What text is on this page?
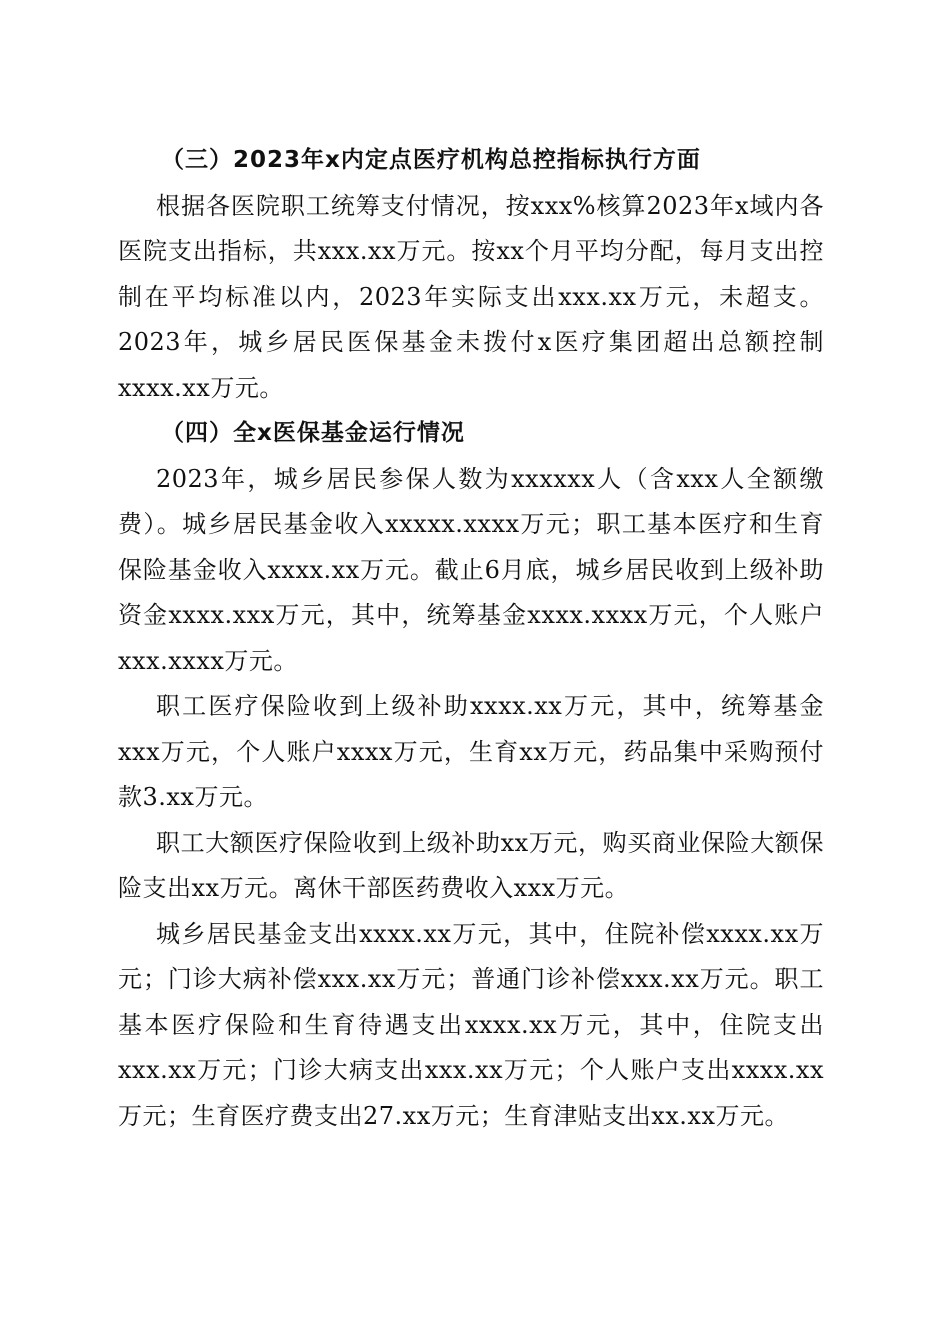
（三）2023年x内定点医疗机构总控指标执行方面

根据各医院职工统筹支付情况，按xxx%核算2023年x域内各医院支出指标，共xxx.xx万元。按xx个月平均分配，每月支出控制在平均标准以内，2023年实际支出xxx.xx万元，未超支。2023年，城乡居民医保基金未拨付x医疗集团超出总额控制xxxx.xx万元。

（四）全x医保基金运行情况

2023年，城乡居民参保人数为xxxxxx人（含xxx人全额缴费）。城乡居民基金收入xxxxx.xxxx万元；职工基本医疗和生育保险基金收入xxxx.xx万元。截止6月底，城乡居民收到上级补助资金xxxx.xxx万元，其中，统筹基金xxxx.xxxx万元，个人账户xxx.xxxx万元。

职工医疗保险收到上级补助xxxx.xx万元，其中，统筹基金xxx万元，个人账户xxxx万元，生育xx万元，药品集中采购预付款3.xx万元。

职工大额医疗保险收到上级补助xx万元，购买商业保险大额保险支出xx万元。离休干部医药费收入xxx万元。

城乡居民基金支出xxxx.xx万元，其中，住院补偿xxxx.xx万元；门诊大病补偿xxx.xx万元；普通门诊补偿xxx.xx万元。职工基本医疗保险和生育待遇支出xxxx.xx万元，其中，住院支出xxx.xx万元；门诊大病支出xxx.xx万元；个人账户支出xxxx.xx万元；生育医疗费支出27.xx万元；生育津贴支出xx.xx万元。
